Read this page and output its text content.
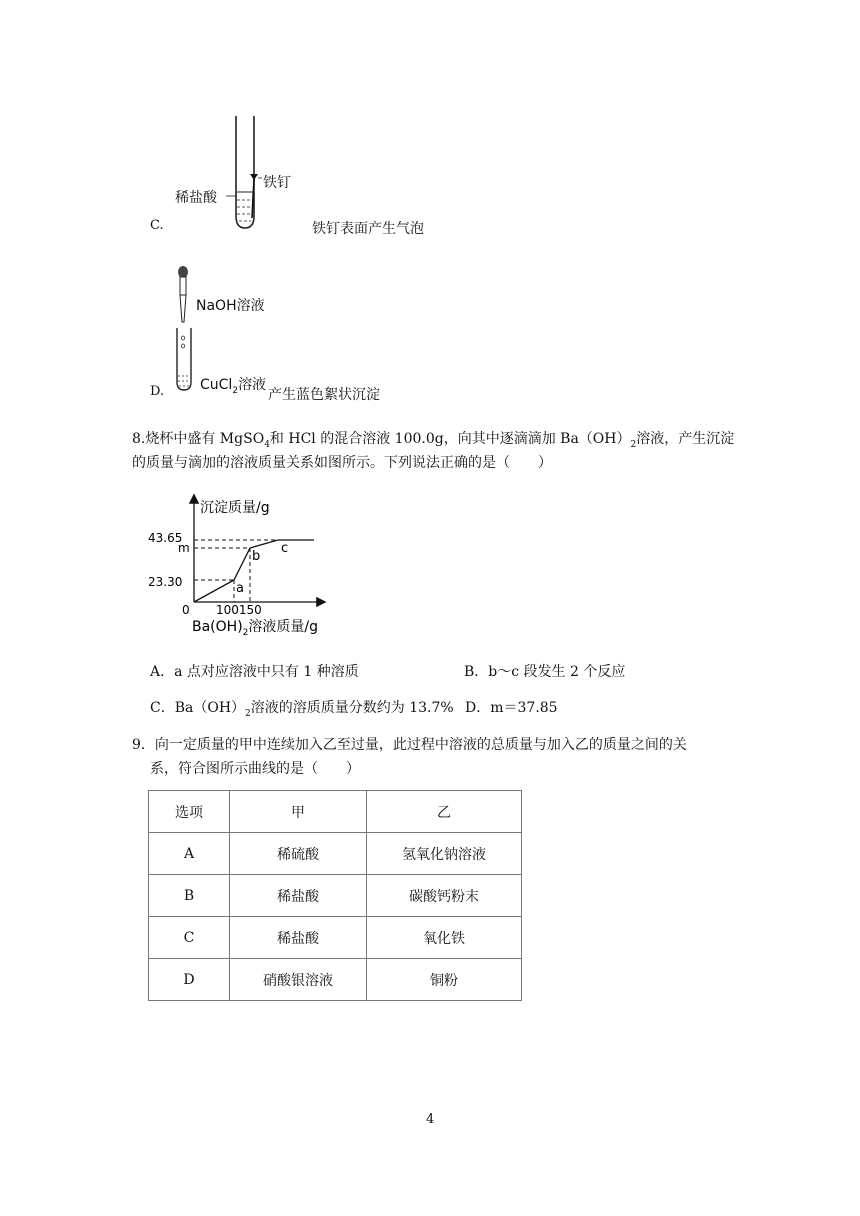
C.
稀盐酸
铁钉
铁钉表面产生气泡
D.
NaOH溶液
CuCl$_2$溶液
产生蓝色絮状沉淀
8.烧杯中盛有 MgSO$_4$和 HCl 的混合溶液 100.0g，向其中逐滴滴加 $Ba(OH)_2$溶液，产生沉淀
的质量与滴加的溶液质量关系如图所示。下列说法正确的是（　　）
沉淀质量/g
43.65
m
23.30
0 100150
a
b
c
$Ba(OH)_2$溶液质量/g
A．a 点对应溶液中只有 1 种溶质	B．b～c 段发生 2 个反应
C．$Ba(OH)_2$溶液的溶质质量分数约为 13.7% D．m＝37.85
9．向一定质量的甲中连续加入乙至过量，此过程中溶液的总质量与加入乙的质量之间的关
系，符合图所示曲线的是（　　）
选项	甲	乙
A	稀硫酸	氢氧化钠溶液
B	稀盐酸	碳酸钙粉末
C	稀盐酸	氧化铁
D	硝酸银溶液	铜粉
4
